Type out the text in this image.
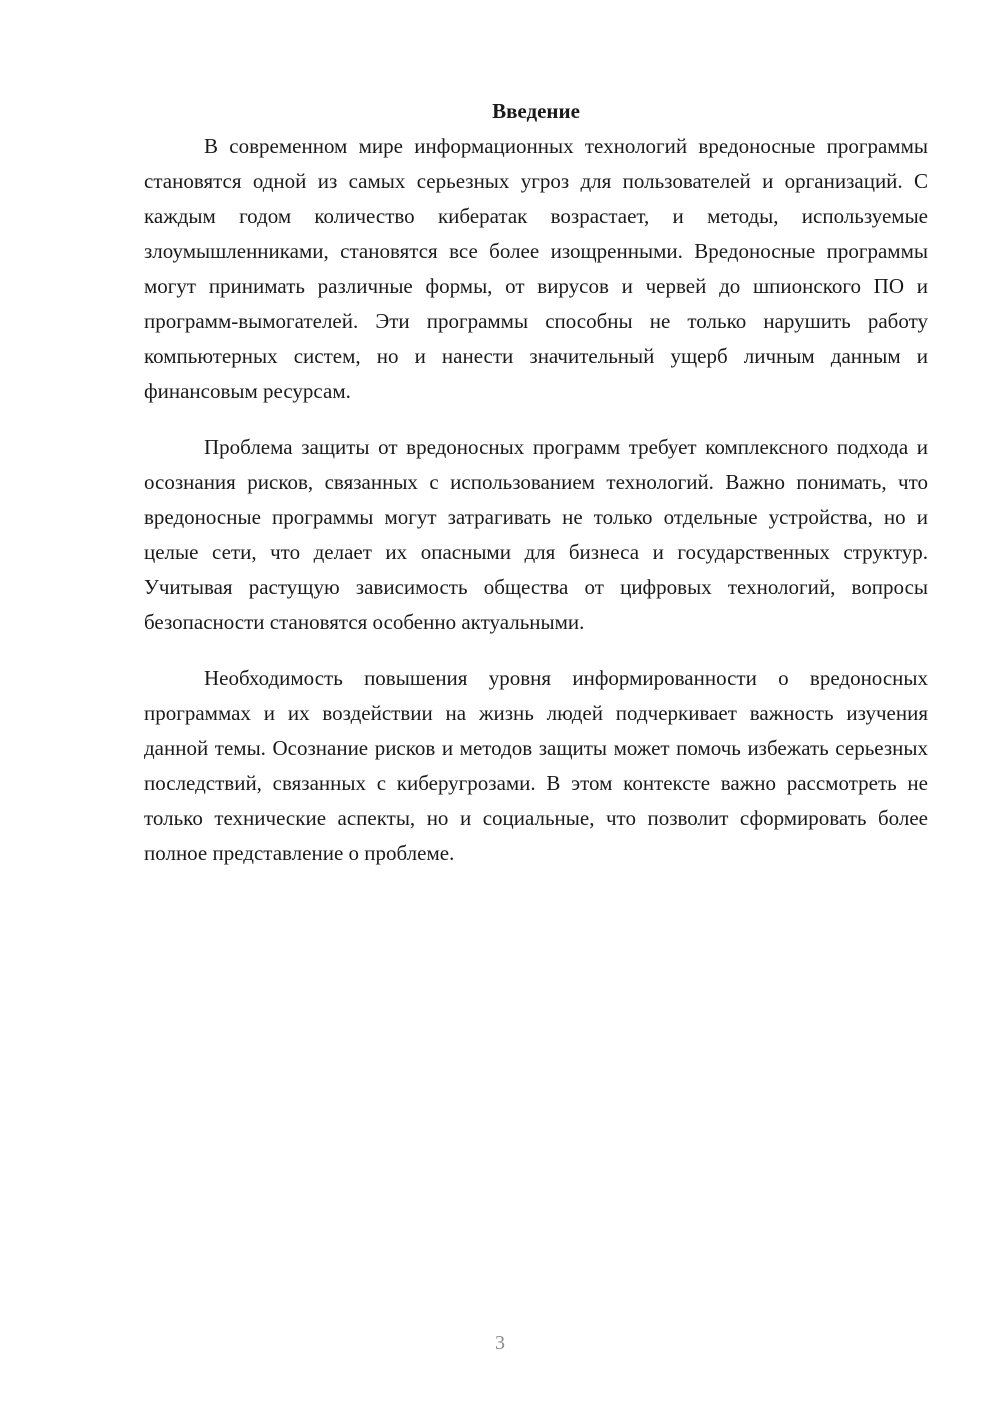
Введение

В современном мире информационных технологий вредоносные программы становятся одной из самых серьезных угроз для пользователей и организаций. С каждым годом количество кибератак возрастает, и методы, используемые злоумышленниками, становятся все более изощренными. Вредоносные программы могут принимать различные формы, от вирусов и червей до шпионского ПО и программ-вымогателей. Эти программы способны не только нарушить работу компьютерных систем, но и нанести значительный ущерб личным данным и финансовым ресурсам.

Проблема защиты от вредоносных программ требует комплексного подхода и осознания рисков, связанных с использованием технологий. Важно понимать, что вредоносные программы могут затрагивать не только отдельные устройства, но и целые сети, что делает их опасными для бизнеса и государственных структур. Учитывая растущую зависимость общества от цифровых технологий, вопросы безопасности становятся особенно актуальными.

Необходимость повышения уровня информированности о вредоносных программах и их воздействии на жизнь людей подчеркивает важность изучения данной темы. Осознание рисков и методов защиты может помочь избежать серьезных последствий, связанных с киберугрозами. В этом контексте важно рассмотреть не только технические аспекты, но и социальные, что позволит сформировать более полное представление о проблеме.

3
